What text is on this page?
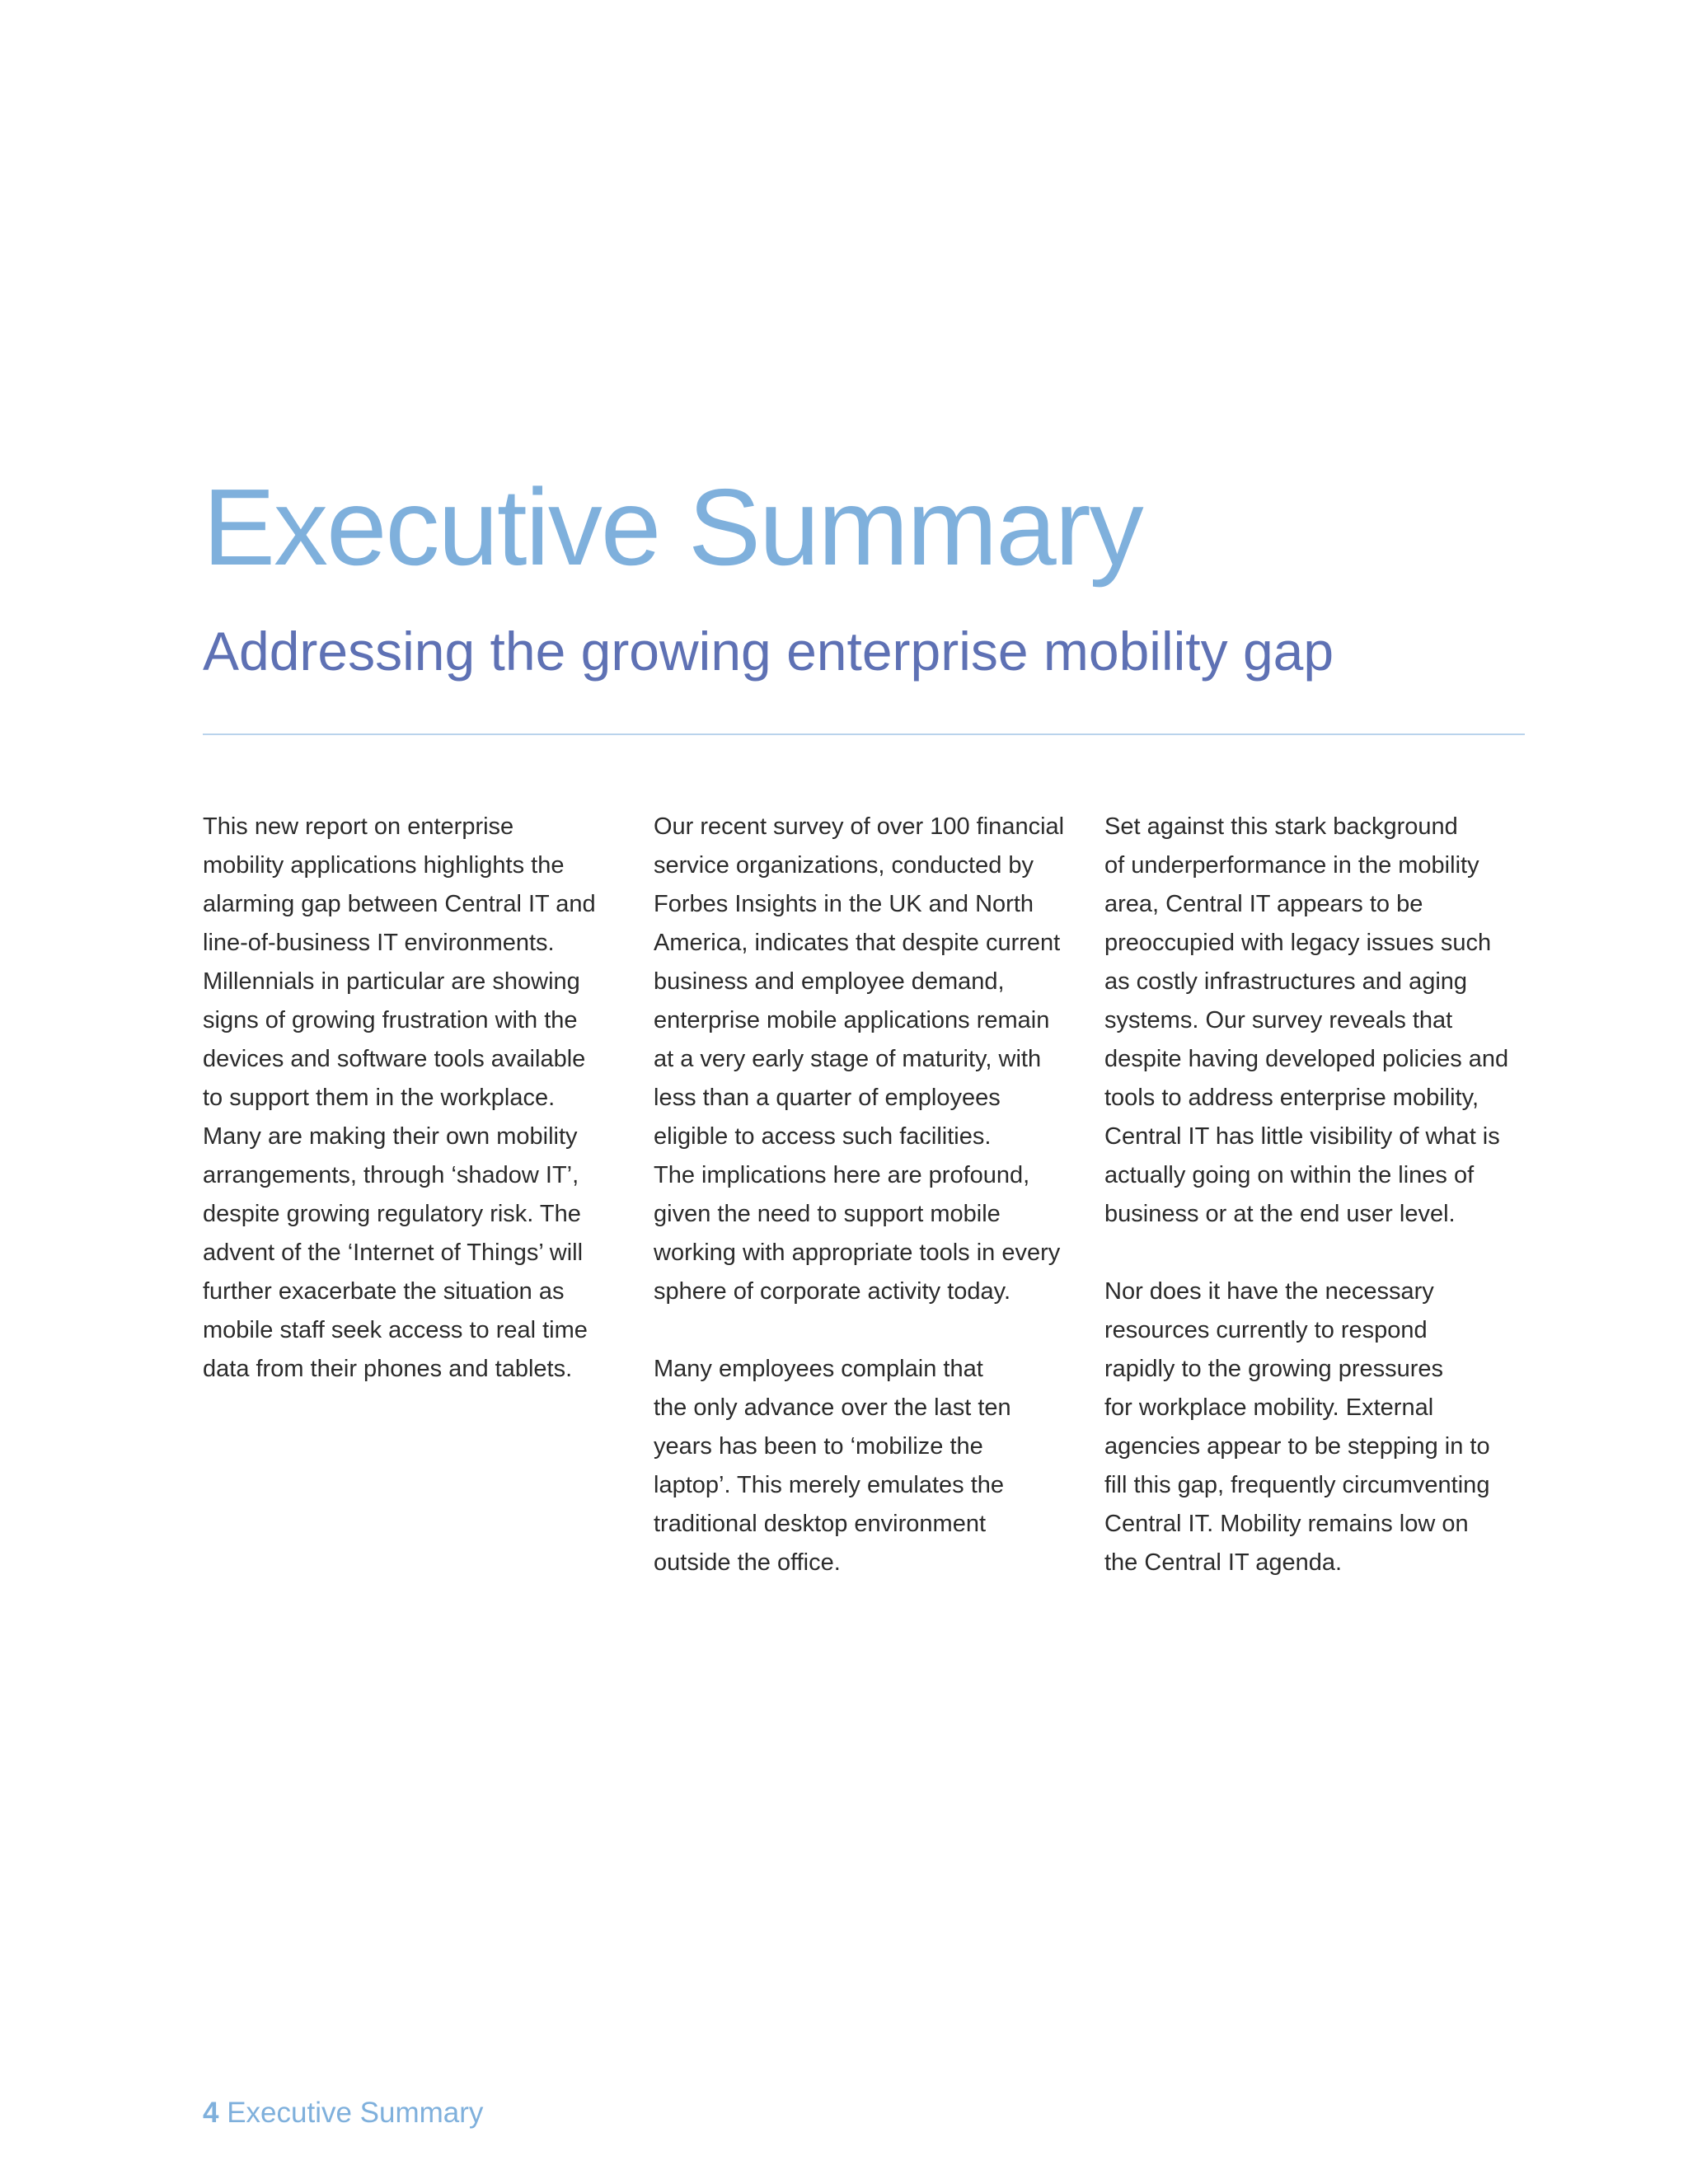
Executive Summary
Addressing the growing enterprise mobility gap

This new report on enterprise
mobility applications highlights the
alarming gap between Central IT and
line-of-business IT environments.
Millennials in particular are showing
signs of growing frustration with the
devices and software tools available
to support them in the workplace.
Many are making their own mobility
arrangements, through ‘shadow IT’,
despite growing regulatory risk. The
advent of the ‘Internet of Things’ will
further exacerbate the situation as
mobile staff seek access to real time
data from their phones and tablets.

Our recent survey of over 100 financial
service organizations, conducted by
Forbes Insights in the UK and North
America, indicates that despite current
business and employee demand,
enterprise mobile applications remain
at a very early stage of maturity, with
less than a quarter of employees
eligible to access such facilities.
The implications here are profound,
given the need to support mobile
working with appropriate tools in every
sphere of corporate activity today.

Many employees complain that
the only advance over the last ten
years has been to ‘mobilize the
laptop’. This merely emulates the
traditional desktop environment
outside the office.

Set against this stark background
of underperformance in the mobility
area, Central IT appears to be
preoccupied with legacy issues such
as costly infrastructures and aging
systems. Our survey reveals that
despite having developed policies and
tools to address enterprise mobility,
Central IT has little visibility of what is
actually going on within the lines of
business or at the end user level.

Nor does it have the necessary
resources currently to respond
rapidly to the growing pressures
for workplace mobility. External
agencies appear to be stepping in to
fill this gap, frequently circumventing
Central IT. Mobility remains low on
the Central IT agenda.

4 Executive Summary
